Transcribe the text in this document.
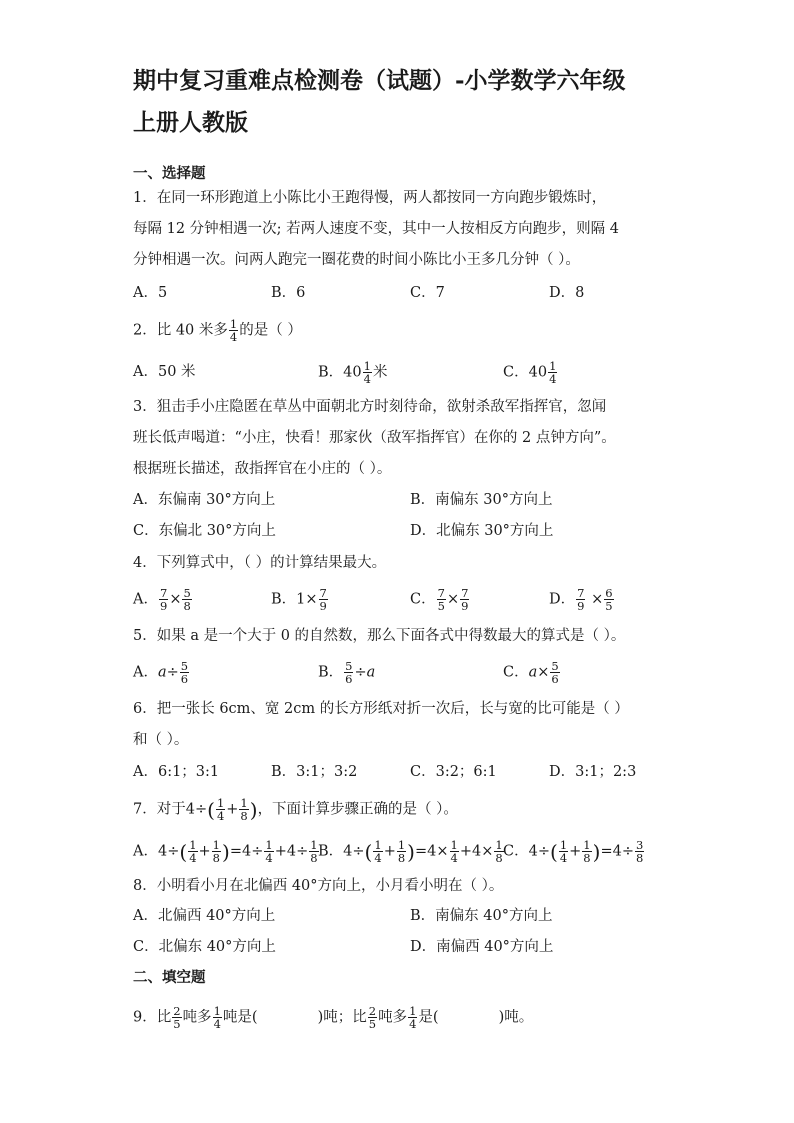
期中复习重难点检测卷（试题）-小学数学六年级
上册人教版
一、选择题
1．在同一环形跑道上小陈比小王跑得慢，两人都按同一方向跑步锻炼时，
每隔 12 分钟相遇一次; 若两人速度不变，其中一人按相反方向跑步，则隔 4
分钟相遇一次。问两人跑完一圈花费的时间小陈比小王多几分钟（ ）。
A．5	B．6	C．7	D．8
2．比 40 米多 $\frac{1}{4}$ 的是（ ）
A．50 米	B．$40 \frac{1}{4}$ 米	C．$40 \frac{1}{4}$
3．狙击手小庄隐匿在草丛中面朝北方时刻待命，欲射杀敌军指挥官，忽闻
班长低声喝道：“小庄，快看！那家伙（敌军指挥官）在你的 2 点钟方向”。
根据班长描述，敌指挥官在小庄的（ ）。
A．东偏南 30°方向上	B．南偏东 30°方向上
C．东偏北 30°方向上	D．北偏东 30°方向上
4．下列算式中，（ ）的计算结果最大。
A． $\frac{7}{9} \times \frac{5}{8}$	B．$1\times \frac{7}{9}$	C． $\frac{7}{5} \times \frac{7}{9}$	D． $\frac{7}{9} \times \frac{6}{5}$
5．如果 a 是一个大于 0 的自然数，那么下面各式中得数最大的算式是（ ）。
A．$a\div \frac{5}{6}$	B． $\frac{5}{6} \div a$	C．$a\times \frac{5}{6}$
6．把一张长 6cm、宽 2cm 的长方形纸对折一次后，长与宽的比可能是（ ）
和（ ）。
A．6:1；3:1	B．3:1；3:2	C．3:2；6:1	D．3:1；2:3
7．对于$4\div( \frac{1}{4} + \frac{1}{8}$ )，下面计算步骤正确的是（ ）。
A．$4\div( \frac{1}{4} + \frac{1}{8} )=4\div \frac{1}{4} +4\div \frac{1}{8}$ B．$4\div( \frac{1}{4} + \frac{1}{8} )=4\times \frac{1}{4} +4\times \frac{1}{8}$ C．$4\div( \frac{1}{4} + \frac{1}{8} )=4\div \frac{3}{8}$
8．小明看小月在北偏西 40°方向上，小月看小明在（ ）。
A．北偏西 40°方向上	B．南偏东 40°方向上
C．北偏东 40°方向上	D．南偏西 40°方向上
二、填空题
9．比 $\frac{2}{5}$ 吨多 $\frac{1}{4}$ 吨是(	)吨；比 $\frac{2}{5}$ 吨多 $\frac{1}{4}$ 是(	)吨。
